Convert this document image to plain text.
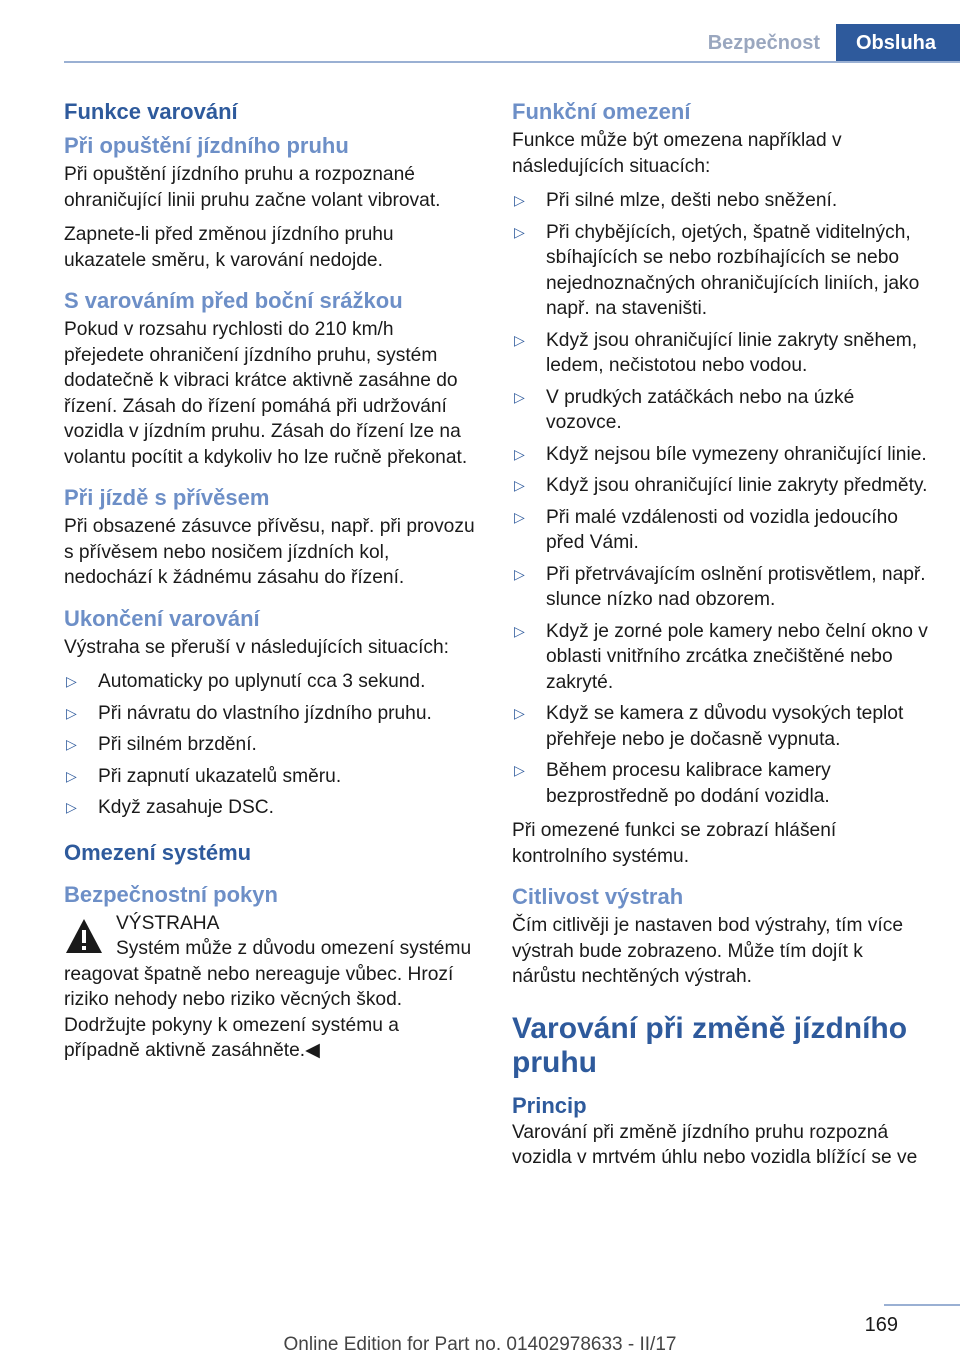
Bezpečnost	Obsluha
Funkce varování
Při opuštění jízdního pruhu

Při opuštění jízdního pruhu a rozpoznané ohraničující linii pruhu začne volant vibrovat.

Zapnete-li před změnou jízdního pruhu ukazatele směru, k varování nedojde.

S varováním před boční srážkou

Pokud v rozsahu rychlosti do 210 km/h přejedete ohraničení jízdního pruhu, systém dodatečně k vibraci krátce aktivně zasáhne do řízení. Zásah do řízení pomáhá při udržování vozidla v jízdním pruhu. Zásah do řízení lze na volantu pocítit a kdykoliv ho lze ručně překonat.

Při jízdě s přívěsem

Při obsazené zásuvce přívěsu, např. při provozu s přívěsem nebo nosičem jízdních kol, nedochází k žádnému zásahu do řízení.

Ukončení varování

Výstraha se přeruší v následujících situacích:

▷ Automaticky po uplynutí cca 3 sekund.
▷ Při návratu do vlastního jízdního pruhu.
▷ Při silném brzdění.
▷ Při zapnutí ukazatelů směru.
▷ Když zasahuje DSC.
Omezení systému
Bezpečnostní pokyn

VÝSTRAHA
Systém může z důvodu omezení systému reagovat špatně nebo nereaguje vůbec. Hrozí riziko nehody nebo riziko věcných škod. Dodržujte pokyny k omezení systému a případně aktivně zasáhněte.◀

Funkční omezení

Funkce může být omezena například v následujících situacích:

▷ Při silné mlze, dešti nebo sněžení.
▷ Při chybějících, ojetých, špatně viditelných, sbíhajících se nebo rozbíhajících se nebo nejednoznačných ohraničujících liniích, jako např. na staveništi.
▷ Když jsou ohraničující linie zakryty sněhem, ledem, nečistotou nebo vodou.
▷ V prudkých zatáčkách nebo na úzké vozovce.
▷ Když nejsou bíle vymezeny ohraničující linie.
▷ Když jsou ohraničující linie zakryty předměty.
▷ Při malé vzdálenosti od vozidla jedoucího před Vámi.
▷ Při přetrvávajícím oslnění protisvětlem, např. slunce nízko nad obzorem.
▷ Když je zorné pole kamery nebo čelní okno v oblasti vnitřního zrcátka znečištěné nebo zakryté.
▷ Když se kamera z důvodu vysokých teplot přehřeje nebo je dočasně vypnuta.
▷ Během procesu kalibrace kamery bezprostředně po dodání vozidla.

Při omezené funkci se zobrazí hlášení kontrolního systému.

Citlivost výstrah

Čím citlivěji je nastaven bod výstrahy, tím více výstrah bude zobrazeno. Může tím dojít k nárůstu nechtěných výstrah.

Varování při změně jízdního pruhu
Princip

Varování při změně jízdního pruhu rozpozná vozidla v mrtvém úhlu nebo vozidla blížící se ve

169
Online Edition for Part no. 01402978633 - II/17
